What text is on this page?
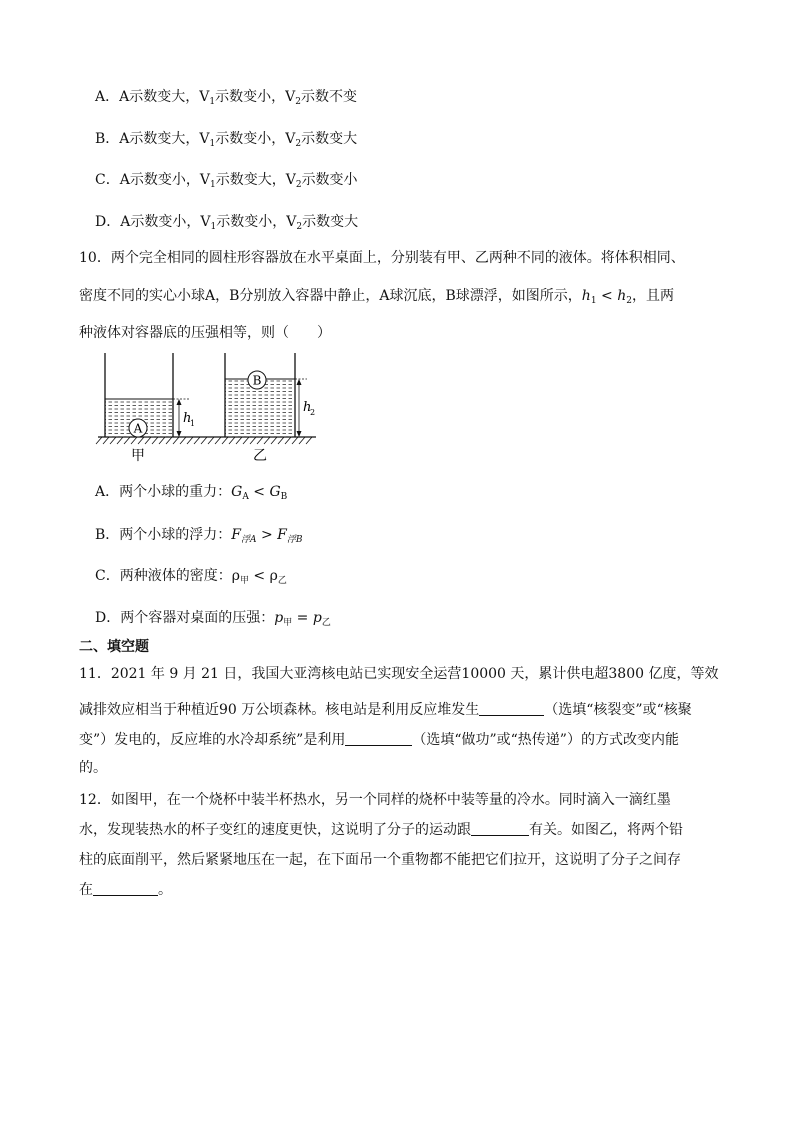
A．A示数变大，$V_1$示数变小，$V_2$示数不变
B．A示数变大，$V_1$示数变小，$V_2$示数变大
C．A示数变小，$V_1$示数变大，$V_2$示数变小
D．A示数变小，$V_1$示数变小，$V_2$示数变大
10．两个完全相同的圆柱形容器放在水平桌面上，分别装有甲、乙两种不同的液体。将体积相同、
密度不同的实心小球A，B分别放入容器中静止，A球沉底，B球漂浮，如图所示，$h_1 < h_2$，且两
种液体对容器底的压强相等，则（　　）
A
h
1
B
h
2
甲	乙
A．两个小球的重力：$G_A < G_B$
B．两个小球的浮力：$F_{浮A} > F_{浮B}$
C．两种液体的密度：$\rho_甲 < \rho_乙$
D．两个容器对桌面的压强：$p_甲 = p_乙$
二、填空题
11．2021 年 9 月 21 日，我国大亚湾核电站已实现安全运营10000 天，累计供电超3800 亿度，等效
减排效应相当于种植近90 万公顷森林。核电站是利用反应堆发生	（选填“核裂变”或“核聚
变”）发电的，反应堆的水冷却系统”是利用	（选填“做功”或“热传递”）的方式改变内能
的。
12．如图甲，在一个烧杯中装半杯热水，另一个同样的烧杯中装等量的冷水。同时滴入一滴红墨
水，发现装热水的杯子变红的速度更快，这说明了分子的运动跟	有关。如图乙，将两个铅
柱的底面削平，然后紧紧地压在一起，在下面吊一个重物都不能把它们拉开，这说明了分子之间存
在	。
